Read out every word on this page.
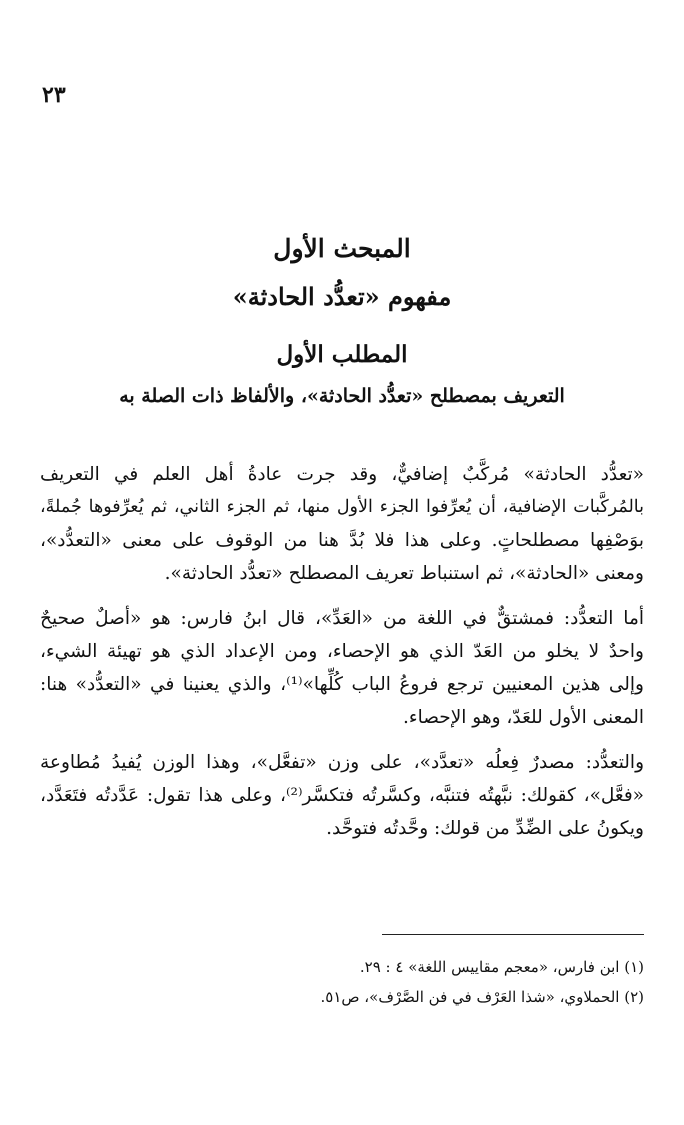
٢٣
المبحث الأول
مفهوم «تعدُّد الحادثة»
المطلب الأول
التعريف بمصطلح «تعدُّد الحادثة»، والألفاظ ذات الصلة به
«تعدُّد الحادثة» مُركَّبٌ إضافيٌّ، وقد جرت عادةُ أهل العلم في التعريف
بالمُركَّبات الإضافية، أن يُعرِّفوا الجزء الأول منها، ثم الجزء الثاني، ثم يُعرِّفوها جُملةً،
بوَصْفِها مصطلحاتٍ. وعلى هذا فلا بُدَّ هنا من الوقوف على معنى «التعدُّد»،
ومعنى «الحادثة»، ثم استنباط تعريف المصطلح «تعدُّد الحادثة».
أما التعدُّد: فمشتقٌّ في اللغة من «العَدِّ»، قال ابنُ فارس: هو «أصلٌ صحيحٌ
واحدٌ لا يخلو من العَدّ الذي هو الإحصاء، ومن الإعداد الذي هو تهيئة الشيء،
وإلى هذين المعنيين ترجع فروعُ الباب كُلِّها»⁽¹⁾، والذي يعنينا في «التعدُّد» هنا:
المعنى الأول للعَدّ، وهو الإحصاء.
والتعدُّد: مصدرٌ فِعلُه «تعدَّد»، على وزن «تفعَّل»، وهذا الوزن يُفيدُ مُطاوعة
«فعَّل»، كقولك: نبَّهتُه فتنبَّه، وكسَّرتُه فتكسَّر⁽²⁾، وعلى هذا تقول: عَدَّدتُه فتَعَدَّد،
ويكونُ على الضِّدِّ من قولك: وحَّدتُه فتوحَّد.
(١) ابن فارس، «معجم مقاييس اللغة» ٤ : ٢٩.
(٢) الحملاوي، «شذا العَرْف في فن الصَّرْف»، ص٥١.
